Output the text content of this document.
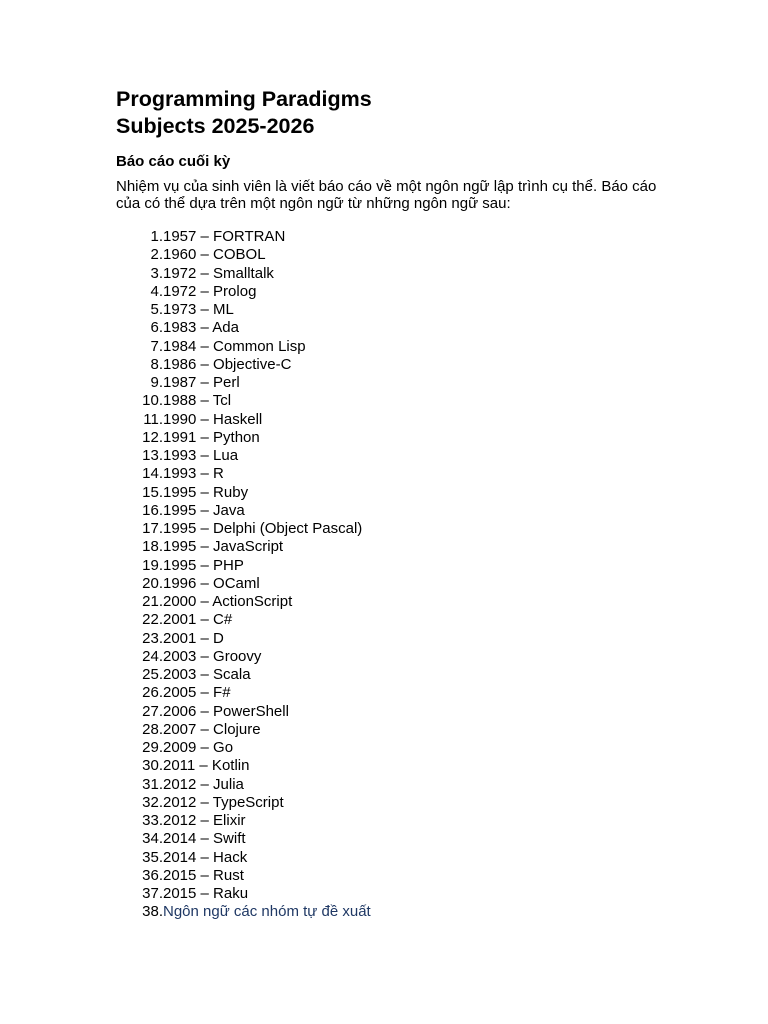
Programming Paradigms
Subjects 2025-2026
Báo cáo cuối kỳ

Nhiệm vụ của sinh viên là viết báo cáo về một ngôn ngữ lập trình cụ thể. Báo cáo của có thể dựa trên một ngôn ngữ từ những ngôn ngữ sau:

1.1957 – FORTRAN
2.1960 – COBOL
3.1972 – Smalltalk
4.1972 – Prolog
5.1973 – ML
6.1983 – Ada
7.1984 – Common Lisp
8.1986 – Objective-C
9.1987 – Perl
10.1988 – Tcl
11.1990 – Haskell
12.1991 – Python
13.1993 – Lua
14.1993 – R
15.1995 – Ruby
16.1995 – Java
17.1995 – Delphi (Object Pascal)
18.1995 – JavaScript
19.1995 – PHP
20.1996 – OCaml
21.2000 – ActionScript
22.2001 – C#
23.2001 – D
24.2003 – Groovy
25.2003 – Scala
26.2005 – F#
27.2006 – PowerShell
28.2007 – Clojure
29.2009 – Go
30.2011 – Kotlin
31.2012 – Julia
32.2012 – TypeScript
33.2012 – Elixir
34.2014 – Swift
35.2014 – Hack
36.2015 – Rust
37.2015 – Raku
38.Ngôn ngữ các nhóm tự đề xuất
